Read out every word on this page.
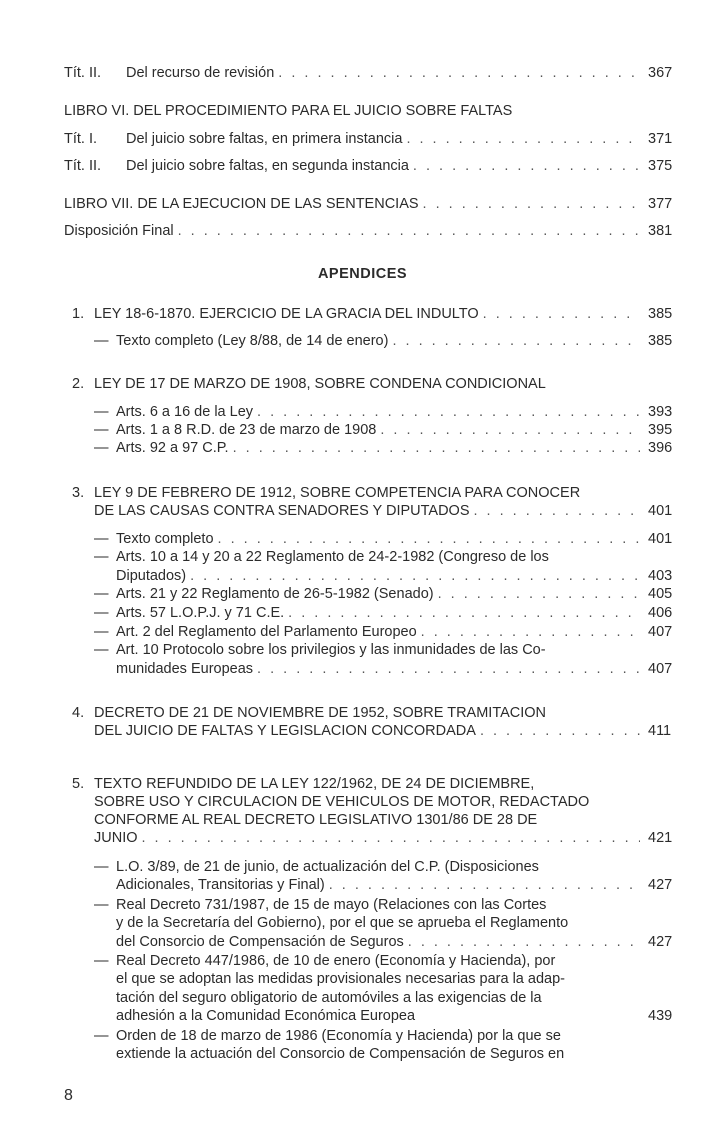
Tít. II. Del recurso de revisión . . .	367
LIBRO VI. DEL PROCEDIMIENTO PARA EL JUICIO SOBRE FALTAS
Tít. I. Del juicio sobre faltas, en primera instancia . . .	371
Tít. II. Del juicio sobre faltas, en segunda instancia . . .	375
LIBRO VII. DE LA EJECUCION DE LAS SENTENCIAS . . .	377
Disposición Final . . .	381
APENDICES
1. LEY 18-6-1870. EJERCICIO DE LA GRACIA DEL INDULTO . . .	385
— Texto completo (Ley 8/88, de 14 de enero) . . .	385
2. LEY DE 17 DE MARZO DE 1908, SOBRE CONDENA CONDICIONAL
— Arts. 6 a 16 de la Ley . . .	393
— Arts. 1 a 8 R.D. de 23 de marzo de 1908 . . .	395
— Arts. 92 a 97 C.P. . . .	396
3. LEY 9 DE FEBRERO DE 1912, SOBRE COMPETENCIA PARA CONOCER
DE LAS CAUSAS CONTRA SENADORES Y DIPUTADOS . . .	401
— Texto completo . . .	401
— Arts. 10 a 14 y 20 a 22 Reglamento de 24-2-1982 (Congreso de los
Diputados) . . .	403
— Arts. 21 y 22 Reglamento de 26-5-1982 (Senado) . . .	405
— Arts. 57 L.O.P.J. y 71 C.E. . . .	406
— Art. 2 del Reglamento del Parlamento Europeo . . .	407
— Art. 10 Protocolo sobre los privilegios y las inmunidades de las Co-
munidades Europeas . . .	407
4. DECRETO DE 21 DE NOVIEMBRE DE 1952, SOBRE TRAMITACION
DEL JUICIO DE FALTAS Y LEGISLACION CONCORDADA . . .	411
5. TEXTO REFUNDIDO DE LA LEY 122/1962, DE 24 DE DICIEMBRE,
SOBRE USO Y CIRCULACION DE VEHICULOS DE MOTOR, REDACTADO
CONFORME AL REAL DECRETO LEGISLATIVO 1301/86 DE 28 DE
JUNIO . . .	421
— L.O. 3/89, de 21 de junio, de actualización del C.P. (Disposiciones
Adicionales, Transitorias y Final) . . .	427
— Real Decreto 731/1987, de 15 de mayo (Relaciones con las Cortes
y de la Secretaría del Gobierno), por el que se aprueba el Reglamento
del Consorcio de Compensación de Seguros . . .	427
— Real Decreto 447/1986, de 10 de enero (Economía y Hacienda), por
el que se adoptan las medidas provisionales necesarias para la adap-
tación del seguro obligatorio de automóviles a las exigencias de la
adhesión a la Comunidad Económica Europea	439
— Orden de 18 de marzo de 1986 (Economía y Hacienda) por la que se
extiende la actuación del Consorcio de Compensación de Seguros en
8
